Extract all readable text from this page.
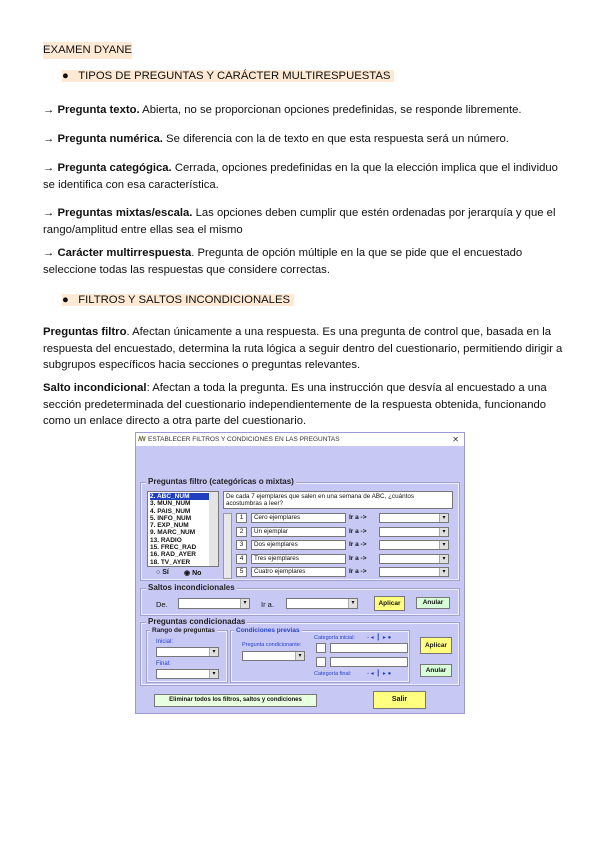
EXAMEN DYANE
●   TIPOS DE PREGUNTAS Y CARÁCTER MULTIRESPUESTAS
→ Pregunta texto. Abierta, no se proporcionan opciones predefinidas, se responde libremente.
→ Pregunta numérica. Se diferencia con la de texto en que esta respuesta será un número.
→ Pregunta categógica. Cerrada, opciones predefinidas en la que la elección implica que el individuo se identifica con esa característica.
→ Preguntas mixtas/escala. Las opciones deben cumplir que estén ordenadas por jerarquía y que el rango/amplitud entre ellas sea el mismo
→ Carácter multirrespuesta. Pregunta de opción múltiple en la que se pide que el encuestado seleccione todas las respuestas que considere correctas.
●   FILTROS Y SALTOS INCONDICIONALES
Preguntas filtro. Afectan únicamente a una respuesta. Es una pregunta de control que, basada en la respuesta del encuestado, determina la ruta lógica a seguir dentro del cuestionario, permitiendo dirigir a subgrupos específicos hacia secciones o preguntas relevantes.
Salto incondicional: Afectan a toda la pregunta. Es una instrucción que desvía al encuestado a una sección predeterminada del cuestionario independientemente de la respuesta obtenida, funcionando como un enlace directo a otra parte del cuestionario.
ꟿ ESTABLECER FILTROS Y CONDICIONES EN LAS PREGUNTAS	✕
Preguntas filtro (categóricas o mixtas)
2. ABC_NUM
3. MUN_NUM
4. PAIS_NUM
5. INFO_NUM
7. EXP_NUM
9. MARC_NUM
13. RADIO
15. FREC_RAD
16. RAD_AYER
18. TV_AYER
○ Sí ◉ No
De cada 7 ejemplares que salen en una semana de ABC, ¿cuántos acostumbras a leer?
1	Cero ejemplares	Ir a ->
▾
2	Un ejemplar	Ir a ->
▾
3	Dos ejemplares	Ir a ->
▾
4	Tres ejemplares	Ir a ->
▾
5	Cuatro ejemplares	Ir a ->
▾
Saltos incondicionales
De. ▾	Ir a. ▾	Aplicar	Anular
Preguntas condicionadas
Rango de preguntas
Inicial:
▾
Final:
▾
Condiciones previas
Pregunta condicionante:
▾
Categoría inicial: - ◂▕▏▸ ●
Categoría final:	- ◂▕▏▸ ●
Aplicar
Anular
Eliminar todos los filtros, saltos y condiciones	Salir
